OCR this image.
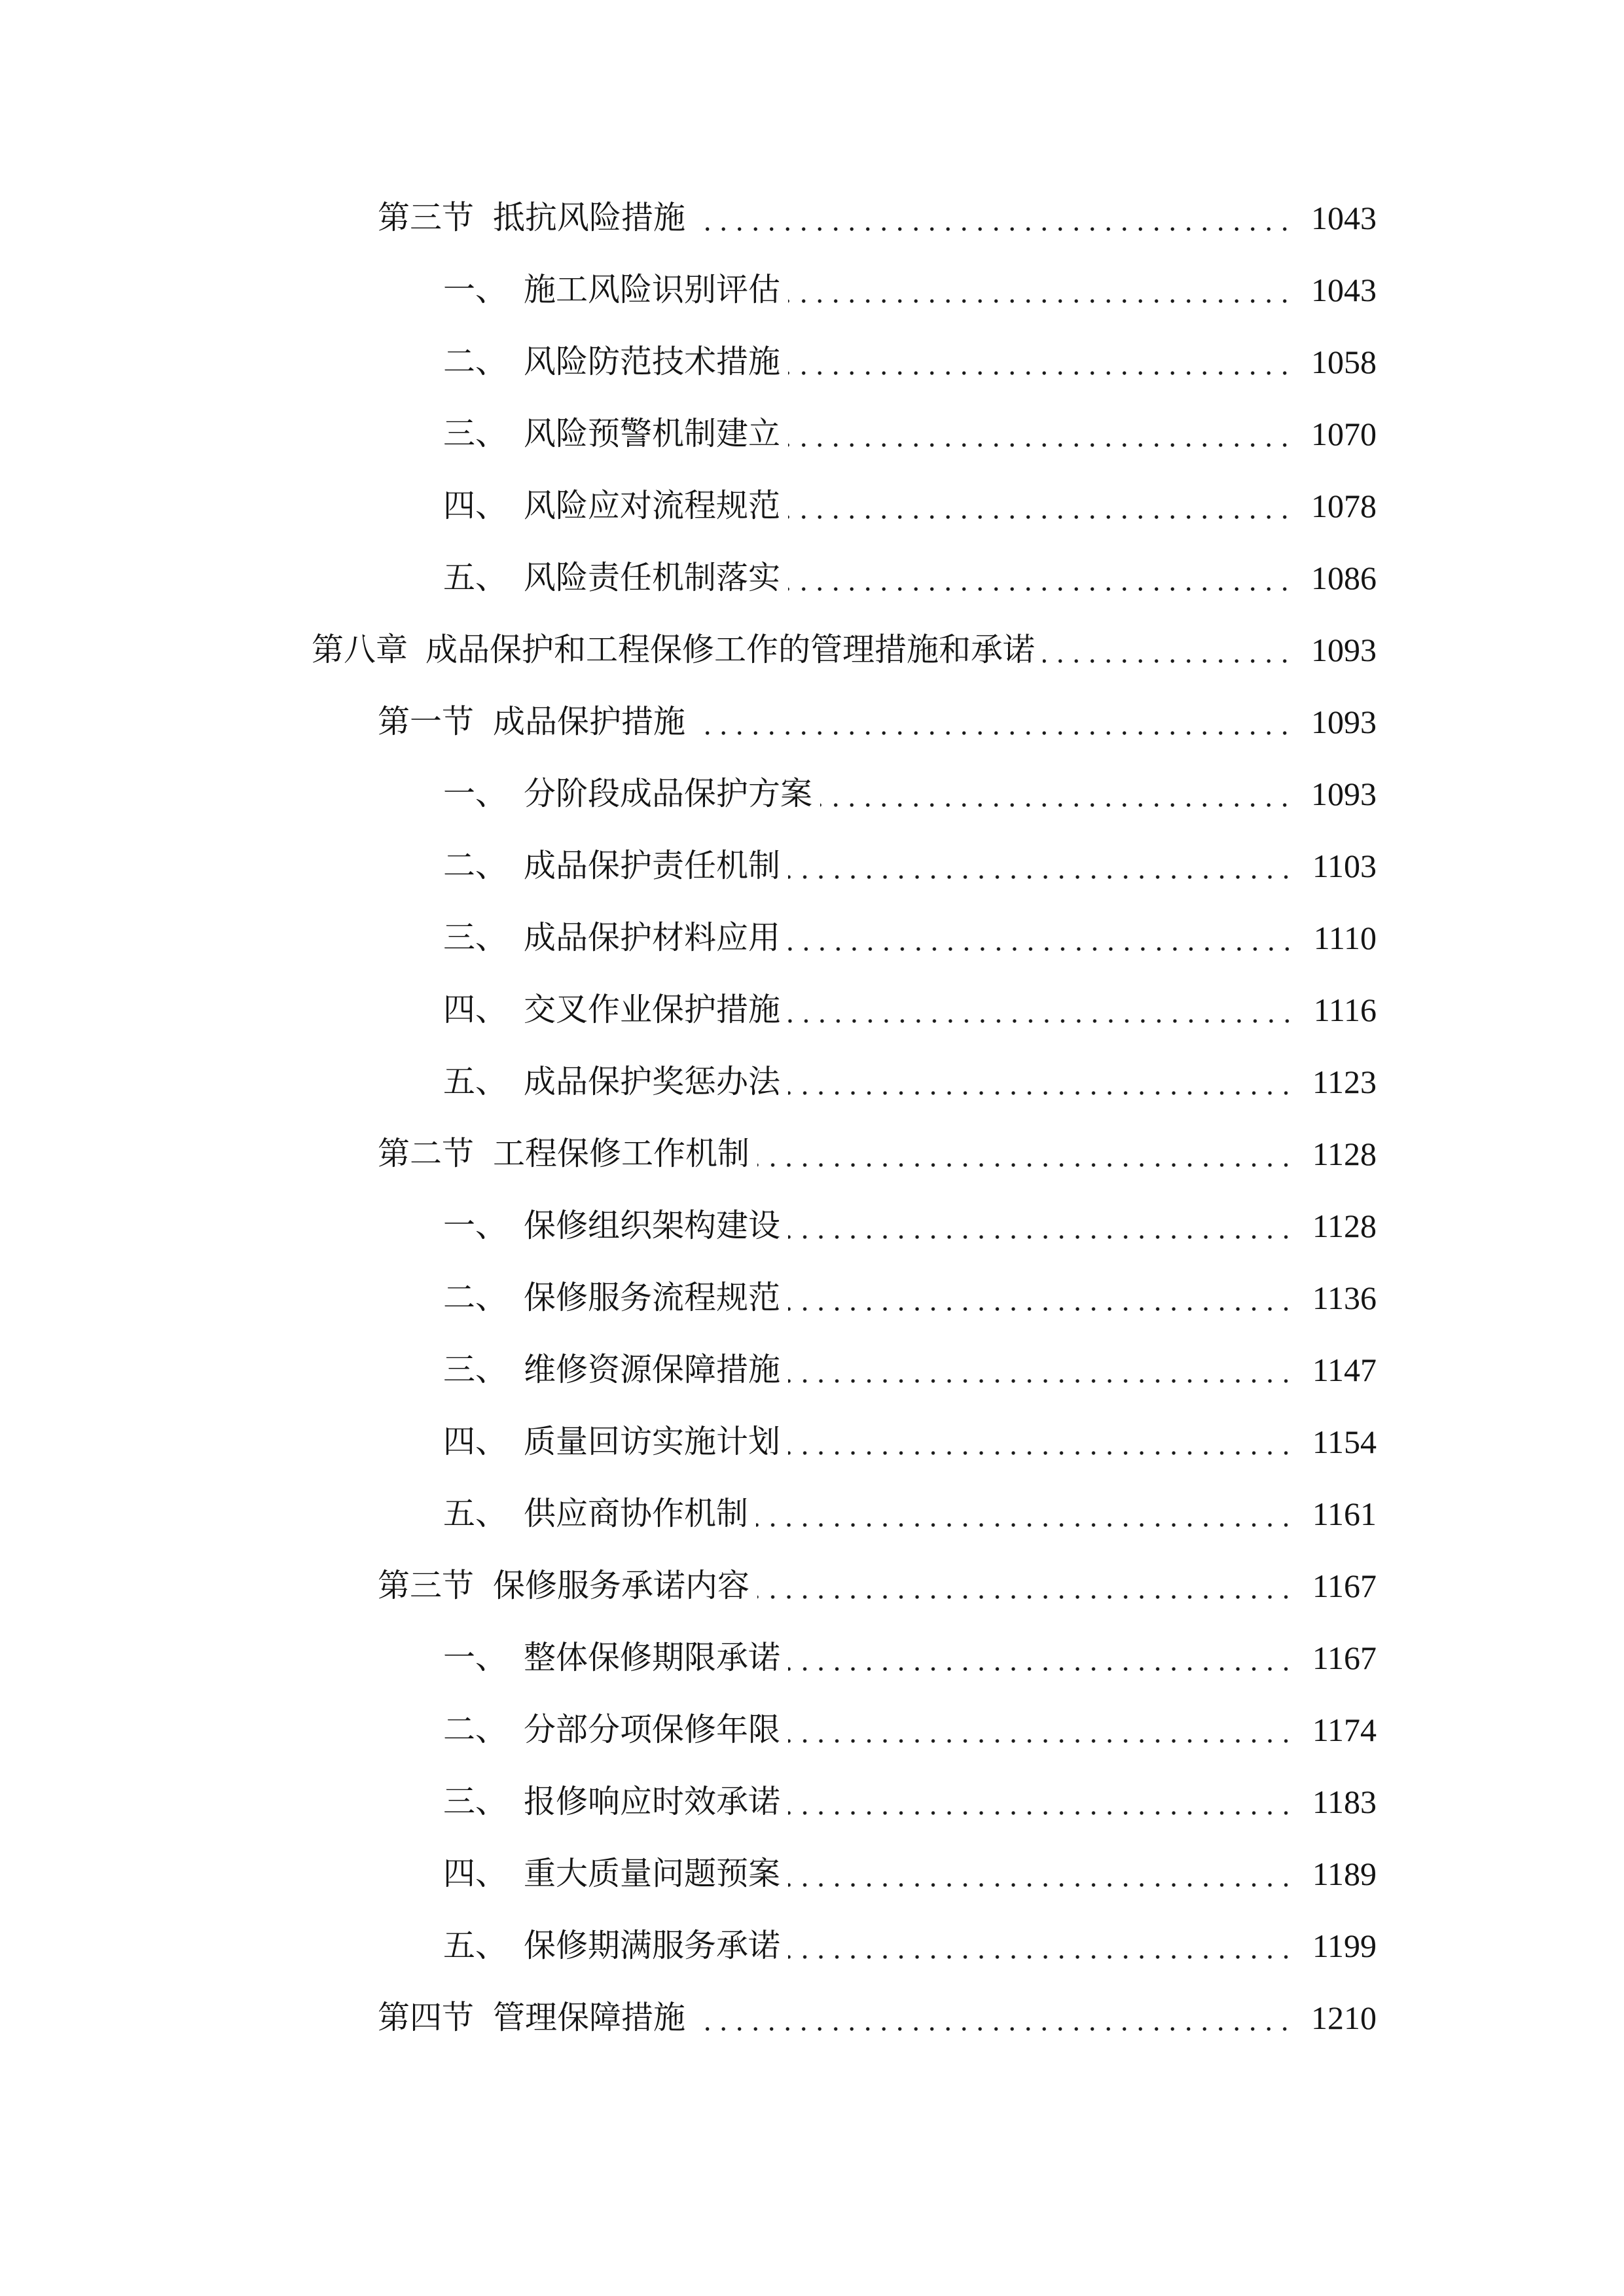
第三节 抵抗风险措施	1043
一、 施工风险识别评估	1043
二、 风险防范技术措施	1058
三、 风险预警机制建立	1070
四、 风险应对流程规范	1078
五、 风险责任机制落实	1086
第八章 成品保护和工程保修工作的管理措施和承诺	1093
第一节 成品保护措施	1093
一、 分阶段成品保护方案	1093
二、 成品保护责任机制	1103
三、 成品保护材料应用	1110
四、 交叉作业保护措施	1116
五、 成品保护奖惩办法	1123
第二节 工程保修工作机制	1128
一、 保修组织架构建设	1128
二、 保修服务流程规范	1136
三、 维修资源保障措施	1147
四、 质量回访实施计划	1154
五、 供应商协作机制	1161
第三节 保修服务承诺内容	1167
一、 整体保修期限承诺	1167
二、 分部分项保修年限	1174
三、 报修响应时效承诺	1183
四、 重大质量问题预案	1189
五、 保修期满服务承诺	1199
第四节 管理保障措施	1210
